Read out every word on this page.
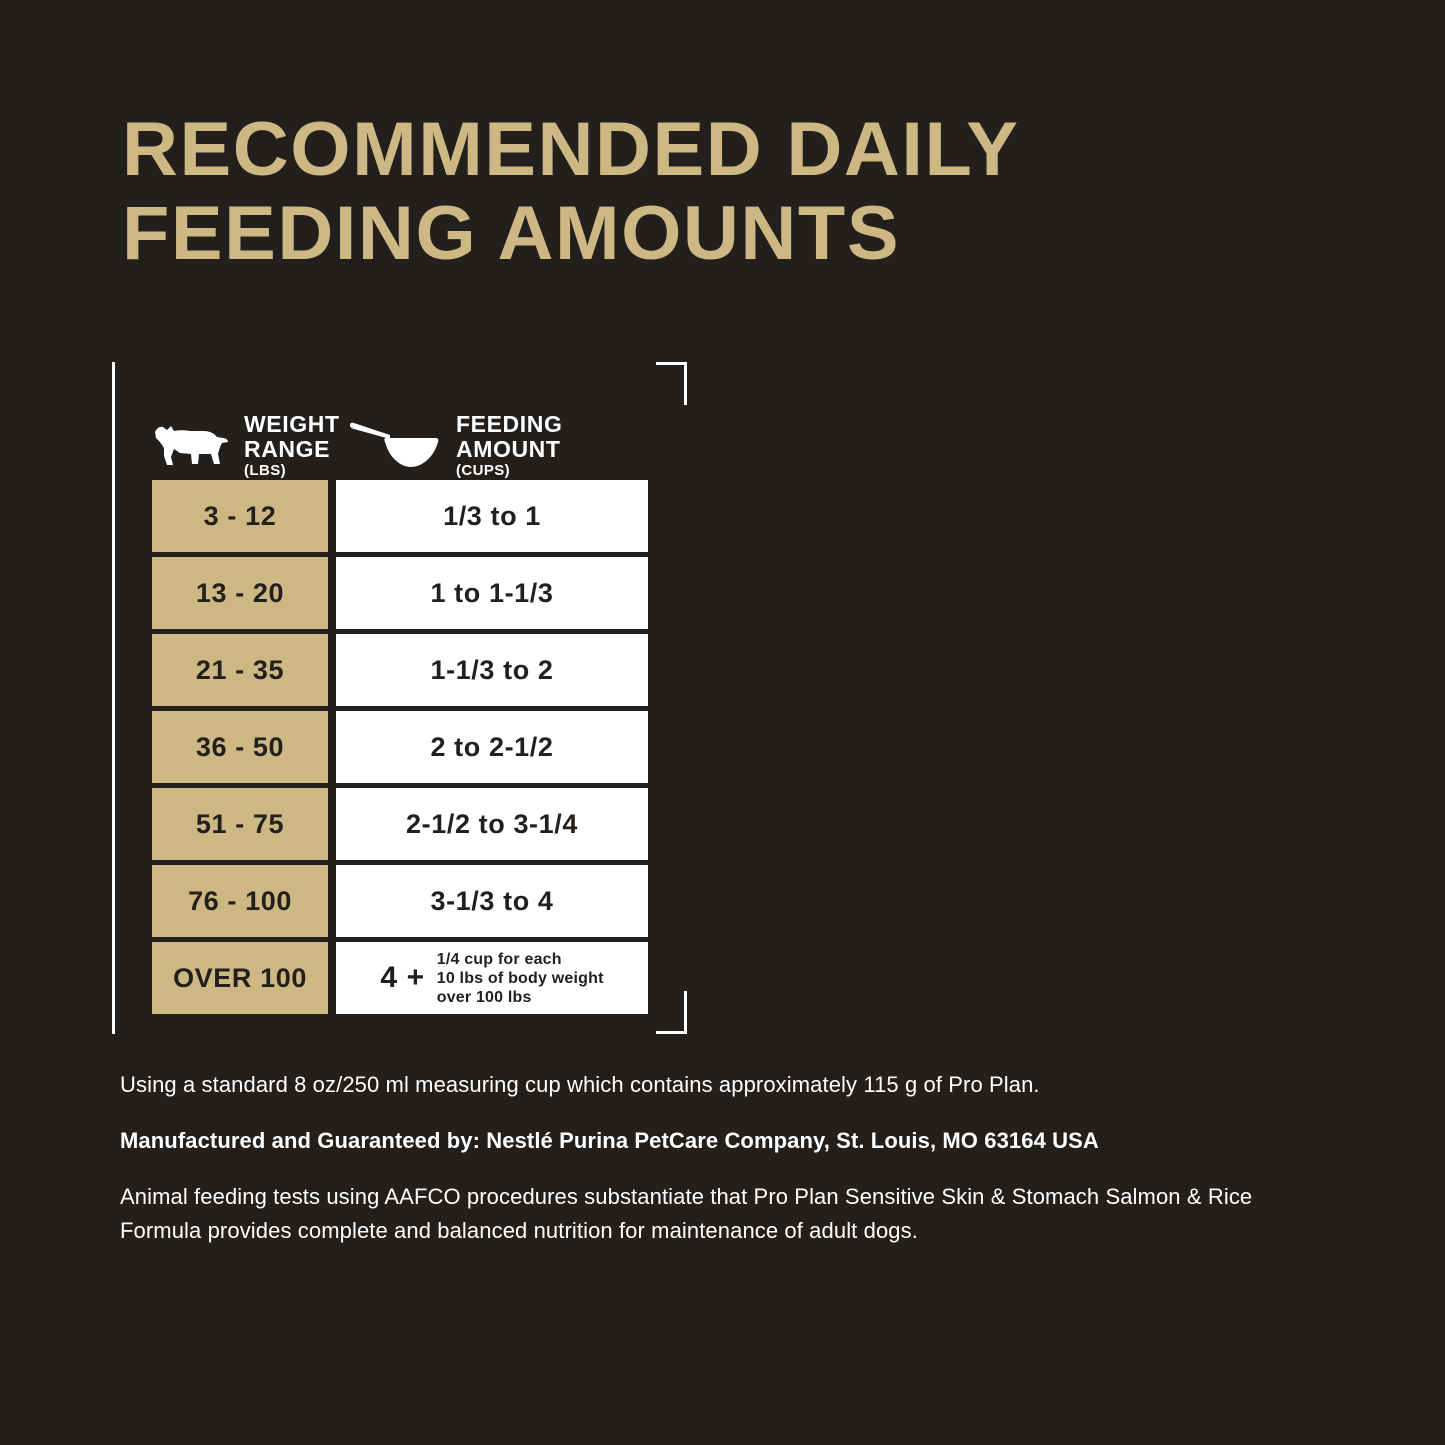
RECOMMENDED DAILY
FEEDING AMOUNTS
WEIGHT
RANGE
(LBS)
FEEDING
AMOUNT
(CUPS)
3 - 12	1/3 to 1
13 - 20	1 to 1-1/3
21 - 35	1-1/3 to 2
36 - 50	2 to 2-1/2
51 - 75	2-1/2 to 3-1/4
76 - 100	3-1/3 to 4
OVER 100	4 +
1/4 cup for each
10 lbs of body weight
over 100 lbs
Using a standard 8 oz/250 ml measuring cup which contains approximately 115 g of Pro Plan.
Manufactured and Guaranteed by: Nestlé Purina PetCare Company, St. Louis, MO 63164 USA
Animal feeding tests using AAFCO procedures substantiate that Pro Plan Sensitive Skin & Stomach Salmon & Rice Formula provides complete and balanced nutrition for maintenance of adult dogs.
